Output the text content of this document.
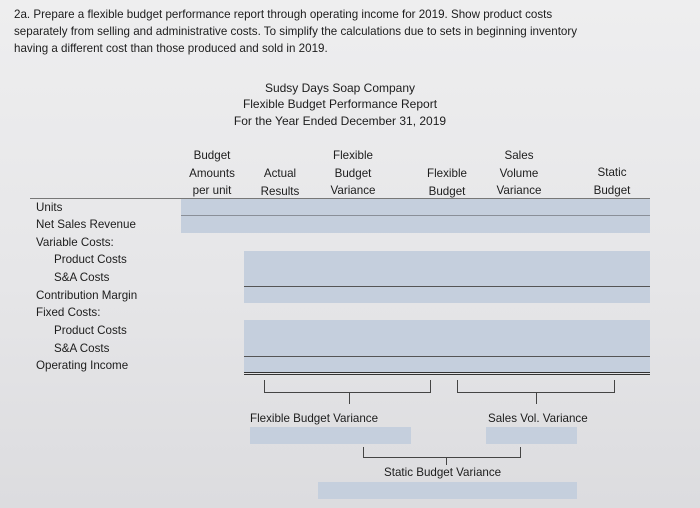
2a. Prepare a flexible budget performance report through operating income for 2019. Show product costs
separately from selling and administrative costs. To simplify the calculations due to sets in beginning inventory
having a different cost than those produced and sold in 2019.
Sudsy Days Soap Company
Flexible Budget Performance Report
For the Year Ended December 31, 2019
Budget
Amounts
per unit
Actual
Results
Flexible
Budget
Variance
Flexible
Budget
Sales
Volume
Variance
Static
Budget
Units
Net Sales Revenue
Variable Costs:
Product Costs
S&A Costs
Contribution Margin
Fixed Costs:
Product Costs
S&A Costs
Operating Income
Flexible Budget Variance	Sales Vol. Variance
Static Budget Variance
